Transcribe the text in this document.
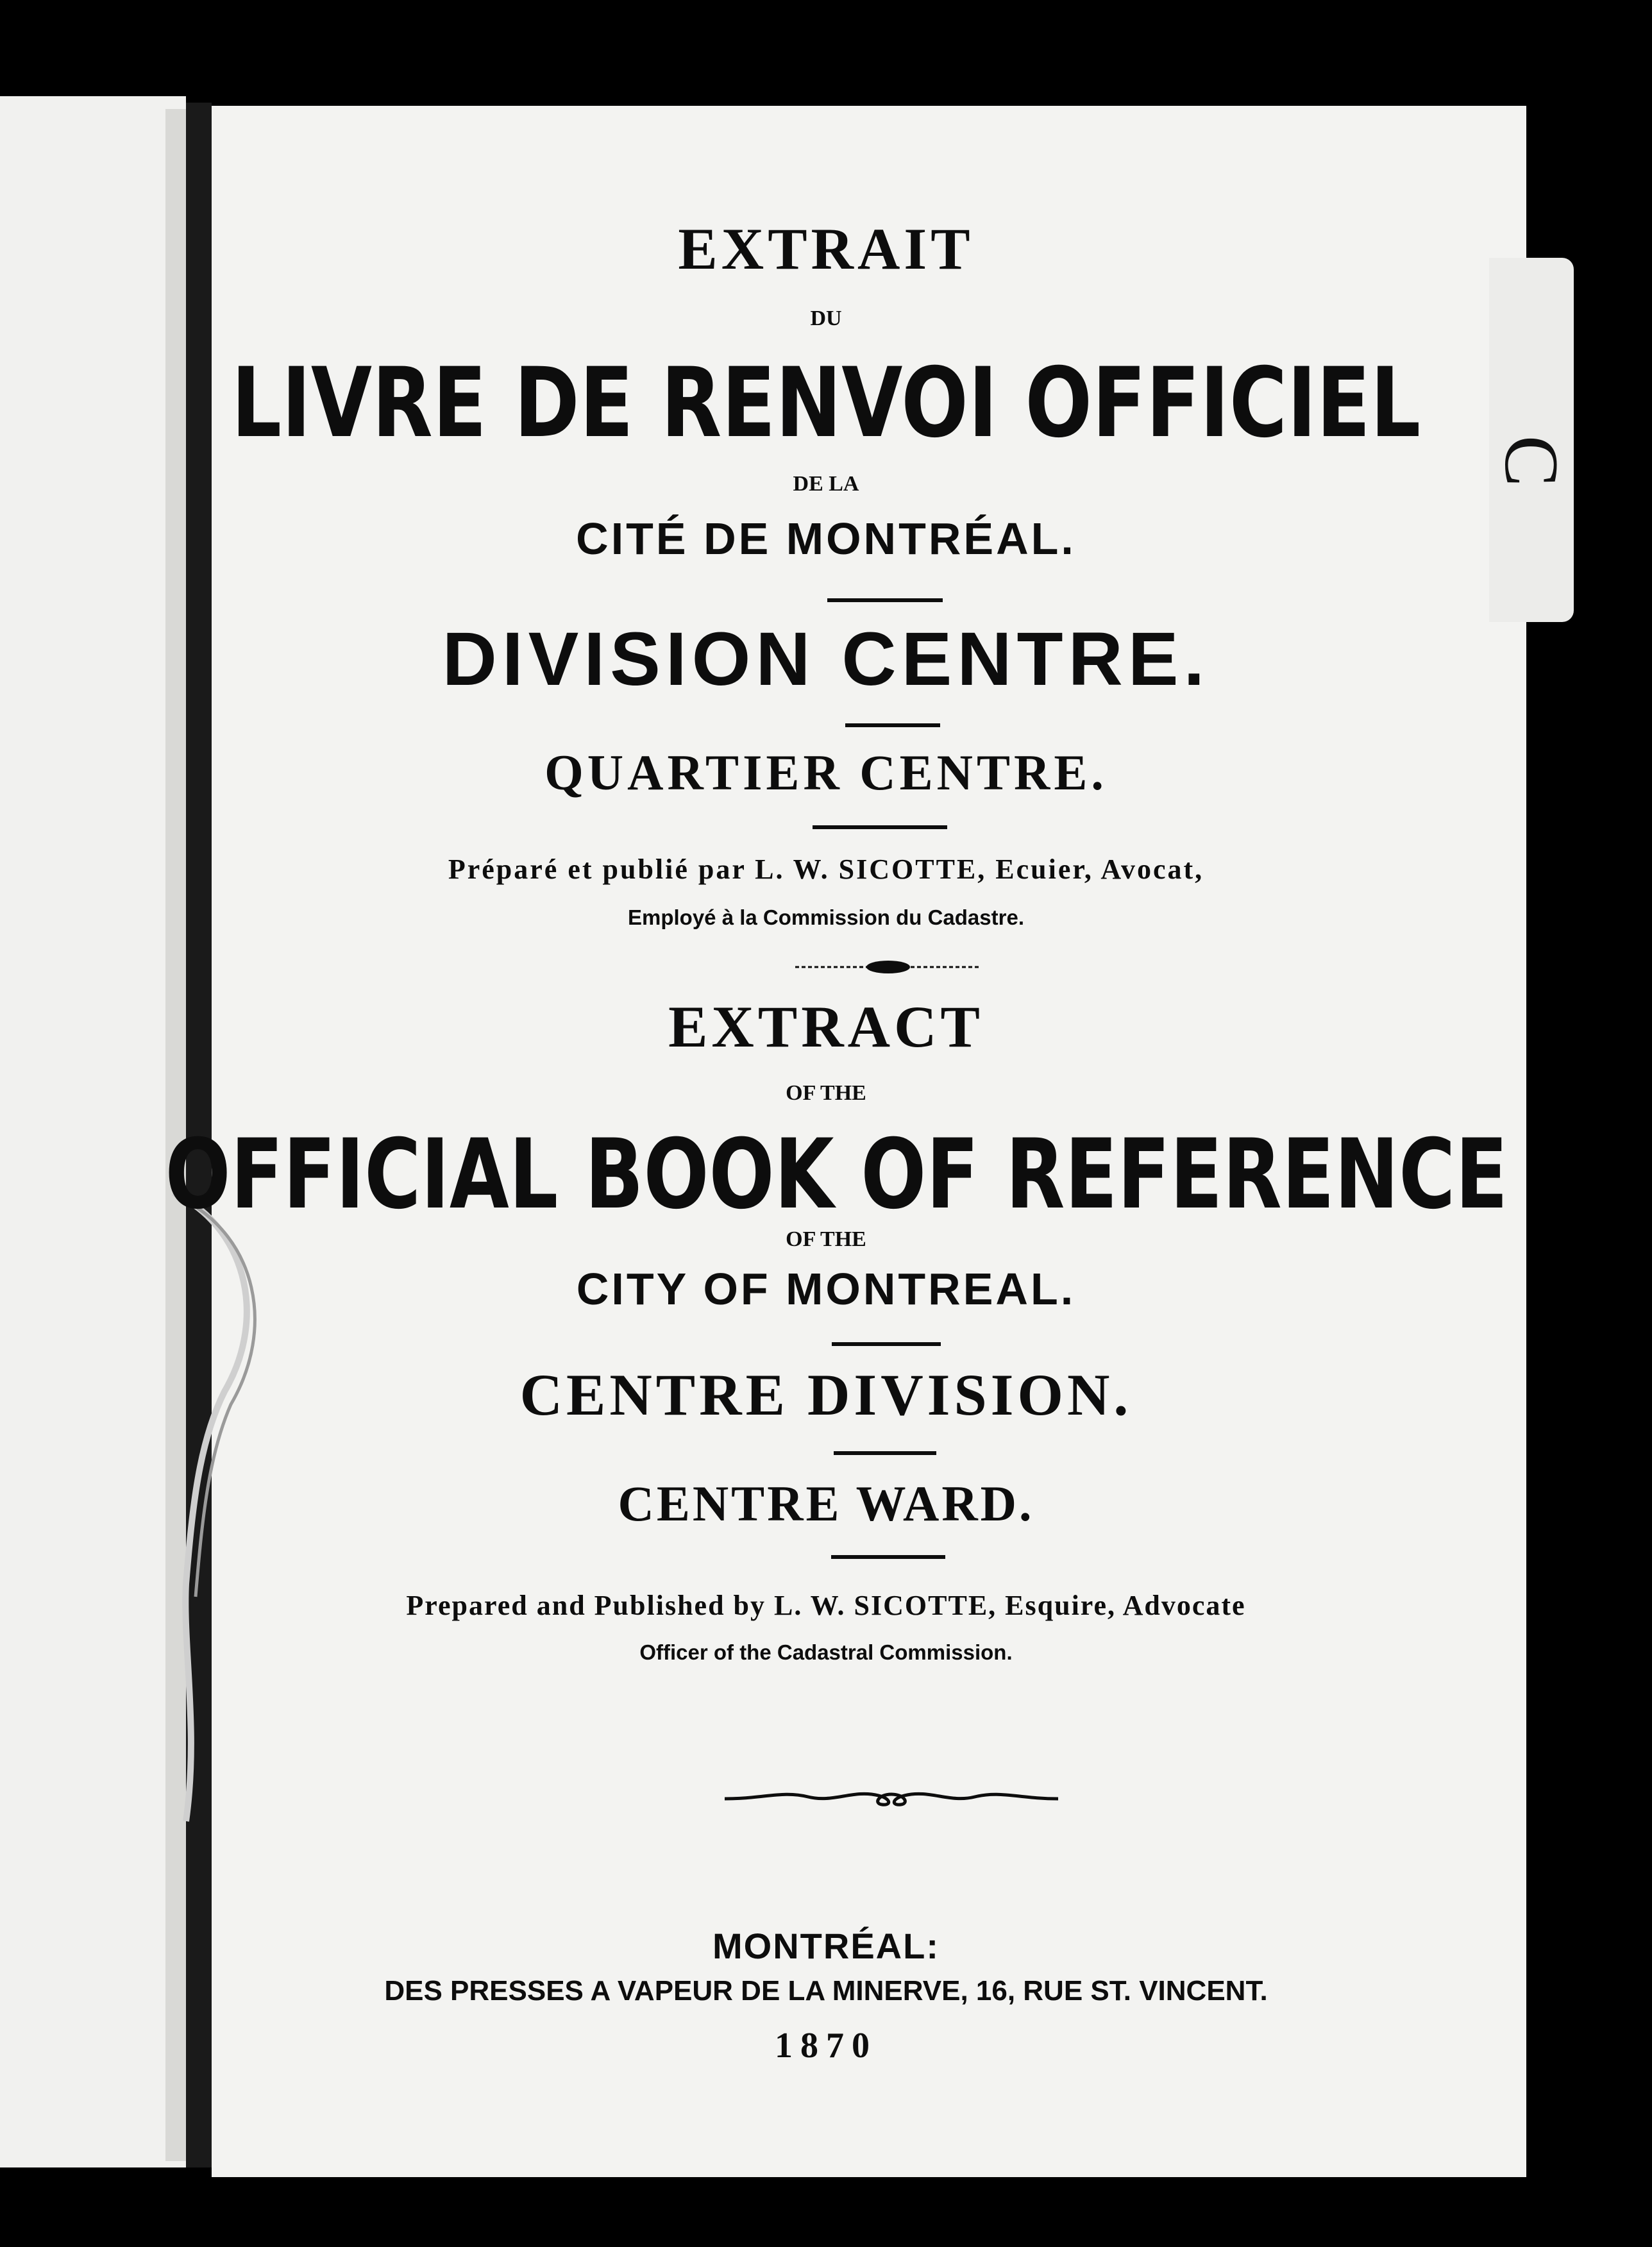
C
EXTRAIT
DU
LIVRE DE RENVOI OFFICIEL
DE LA
CITÉ DE MONTRÉAL.
DIVISION CENTRE.
QUARTIER CENTRE.
Préparé et publié par L. W. SICOTTE, Ecuier, Avocat,
Employé à la Commission du Cadastre.
EXTRACT
OF THE
OFFICIAL BOOK OF REFERENCE
OF THE
CITY OF MONTREAL.
CENTRE DIVISION.
CENTRE WARD.
Prepared and Published by L. W. SICOTTE, Esquire, Advocate
Officer of the Cadastral Commission.
MONTRÉAL:
DES PRESSES A VAPEUR DE LA MINERVE, 16, RUE ST. VINCENT.
1870
